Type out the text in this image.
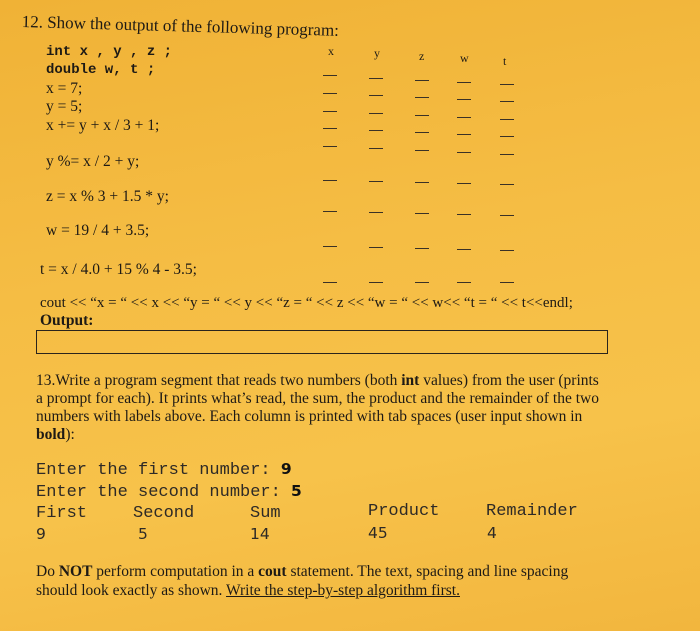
12. Show the output of the following program:
int x , y , z ;
double w, t ;
x = 7;
y = 5;
x += y + x / 3 + 1;
y %= x / 2 + y;
z = x % 3 + 1.5 * y;
w = 19 / 4 + 3.5;
t = x / 4.0 + 15 % 4 - 3.5;
x	y	z	w	t
cout << “x = “ << x << “y = “ << y << “z = “ << z << “w = “ << w<< “t = “ << t<<endl;
Output:
13.Write a program segment that reads two numbers (both int values) from the user (prints a prompt for each). It prints what’s read, the sum, the product and the remainder of the two numbers with labels above. Each column is printed with tab spaces (user input shown in bold):
Enter the first number: 9
Enter the second number: 5
First	Second	Sum	Product	Remainder
9	5	14	45	4
Do NOT perform computation in a cout statement. The text, spacing and line spacing should look exactly as shown. Write the step-by-step algorithm first.
